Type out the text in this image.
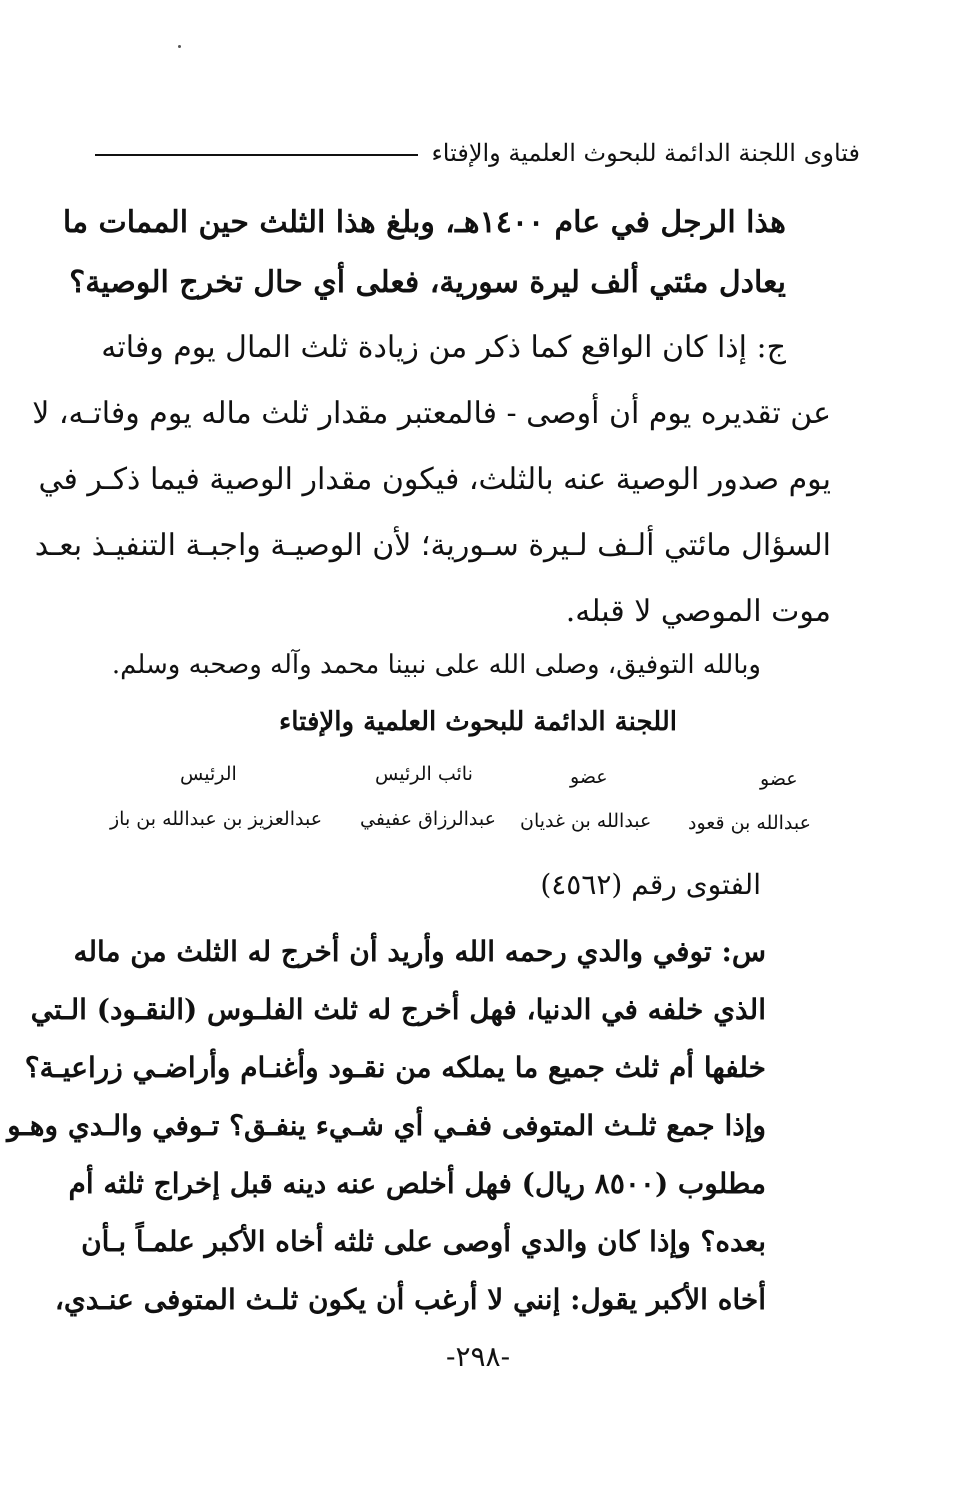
فتاوى اللجنة الدائمة للبحوث العلمية والإفتاء
هذا الرجل في عام ١٤٠٠هـ، وبلغ هذا الثلث حين الممات ما
يعادل مئتي ألف ليرة سورية، فعلى أي حال تخرج الوصية؟
ج: إذا كان الواقع كما ذكر من زيادة ثلث المال يوم وفاته
عن تقديره يوم أن أوصى - فالمعتبر مقدار ثلث ماله يوم وفاتـه، لا
يوم صدور الوصية عنه بالثلث، فيكون مقدار الوصية فيما ذكـر في
السؤال مائتي ألـف لـيرة سـورية؛ لأن الوصيـة واجبـة التنفيـذ بعـد
موت الموصي لا قبله.
وبالله التوفيق، وصلى الله على نبينا محمد وآله وصحبه وسلم.
اللجنة الدائمة للبحوث العلمية والإفتاء
الرئيس
عبدالعزيز بن عبدالله بن باز
نائب الرئيس
عبدالرزاق عفيفي
عضو
عبدالله بن غديان
عضو
عبدالله بن قعود
الفتوى رقم (٤٥٦٢)
س: توفي والدي رحمه الله وأريد أن أخرج له الثلث من ماله
الذي خلفه في الدنيا، فهل أخرج له ثلث الفلـوس (النقـود) الـتي
خلفها أم ثلث جميع ما يملكه من نقـود وأغنـام وأراضـي زراعيـة؟
وإذا جمع ثلـث المتوفى ففـي أي شـيء ينفـق؟ تـوفي والـدي وهـو
مطلوب (٨٥٠٠ ريال) فهل أخلص عنه دينه قبل إخراج ثلثه أم
بعده؟ وإذا كان والدي أوصى على ثلثه أخاه الأكبر علمـاً بـأن
أخاه الأكبر يقول: إنني لا أرغب أن يكون ثلـث المتوفى عنـدي،
-٢٩٨-
